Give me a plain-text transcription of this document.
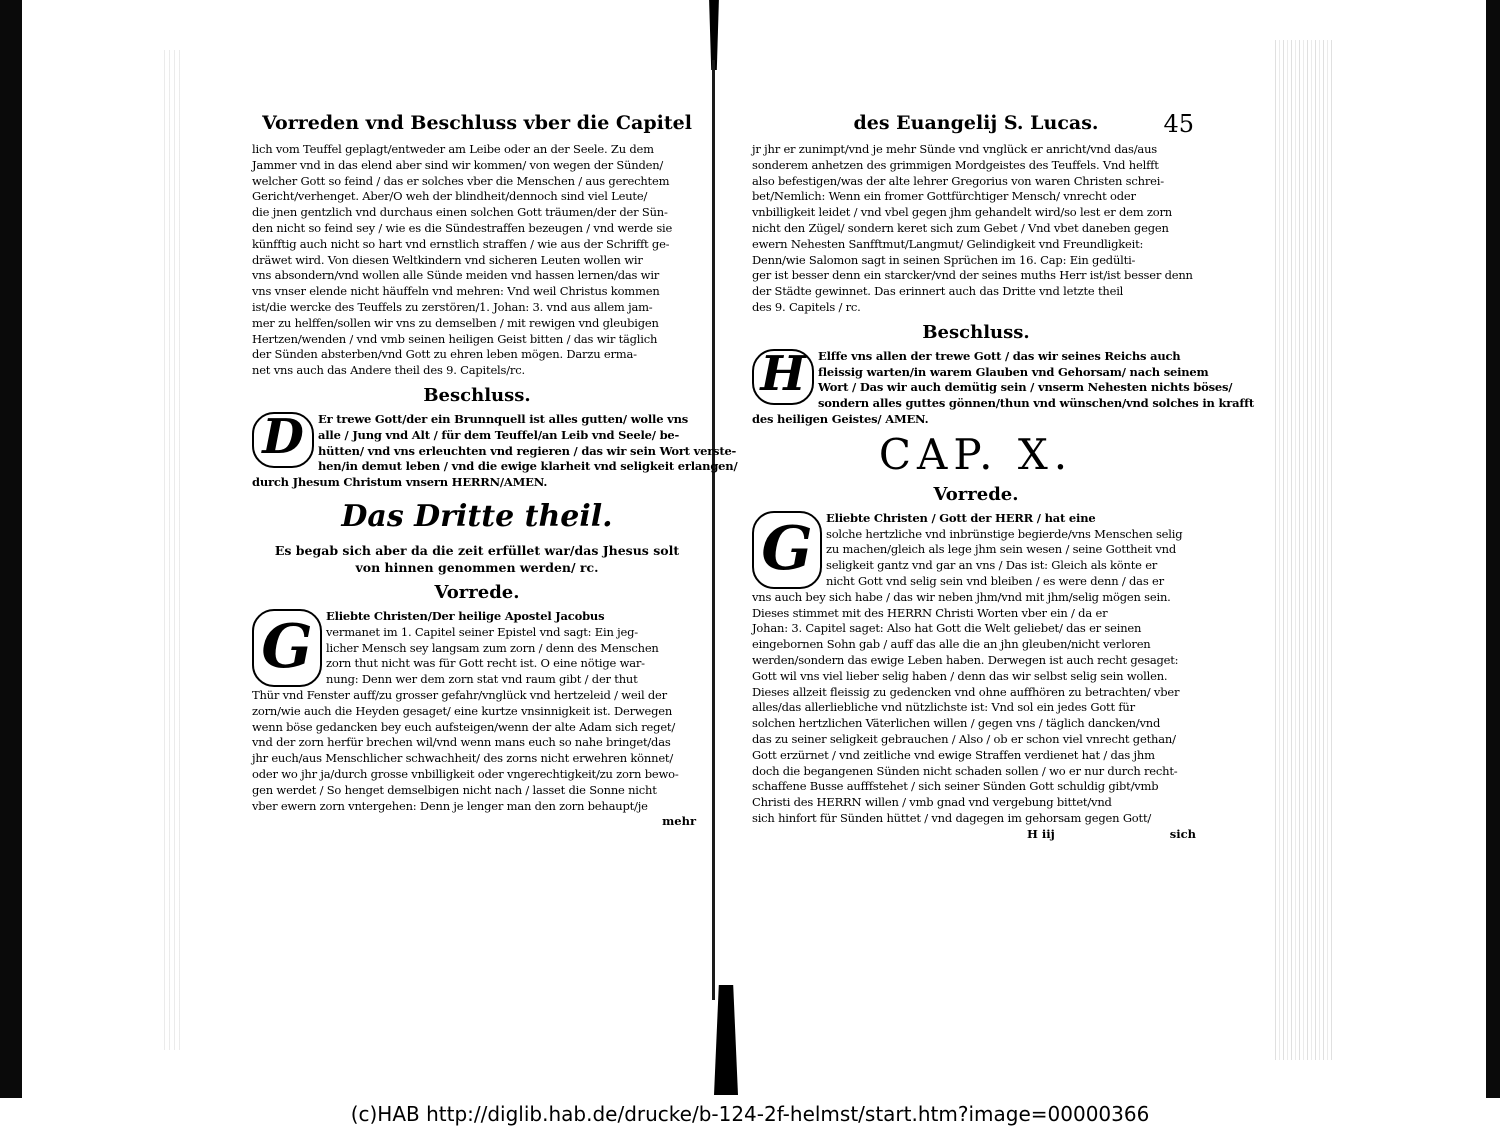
Vorreden vnd Beschluss vber die Capitel
lich vom Teuffel geplagt/entweder am Leibe oder an der Seele. Zu dem
Jammer vnd in das elend aber sind wir kommen/ von wegen der Sünden/
welcher Gott so feind / das er solches vber die Menschen / aus gerechtem
Gericht/verhenget. Aber/O weh der blindheit/dennoch sind viel Leute/
die jnen gentzlich vnd durchaus einen solchen Gott träumen/der der Sün-
den nicht so feind sey / wie es die Sündestraffen bezeugen / vnd werde sie
künfftig auch nicht so hart vnd ernstlich straffen / wie aus der Schrifft ge-
dräwet wird. Von diesen Weltkindern vnd sicheren Leuten wollen wir
vns absondern/vnd wollen alle Sünde meiden vnd hassen lernen/das wir
vns vnser elende nicht häuffeln vnd mehren: Vnd weil Christus kommen
ist/die wercke des Teuffels zu zerstören/1. Johan: 3. vnd aus allem jam-
mer zu helffen/sollen wir vns zu demselben / mit rewigen vnd gleubigen
Hertzen/wenden / vnd vmb seinen heiligen Geist bitten / das wir täglich
der Sünden absterben/vnd Gott zu ehren leben mögen. Darzu erma-
net vns auch das Andere theil des 9. Capitels/rc.
Beschluss.
D	Er trewe Gott/der ein Brunnquell ist alles gutten/ wolle vns
alle / Jung vnd Alt / für dem Teuffel/an Leib vnd Seele/ be-
hütten/ vnd vns erleuchten vnd regieren / das wir sein Wort verste-
hen/in demut leben / vnd die ewige klarheit vnd seligkeit erlangen/
durch Jhesum Christum vnsern HERRN/AMEN.
Das Dritte theil.
Es begab sich aber da die zeit erfüllet war/das Jhesus solt
von hinnen genommen werden/ rc.
Vorrede.
G	Eliebte Christen/Der heilige Apostel Jacobus
vermanet im 1. Capitel seiner Epistel vnd sagt: Ein jeg-
licher Mensch sey langsam zum zorn / denn des Menschen
zorn thut nicht was für Gott recht ist. O eine nötige war-
nung: Denn wer dem zorn stat vnd raum gibt / der thut
Thür vnd Fenster auff/zu grosser gefahr/vnglück vnd hertzeleid / weil der
zorn/wie auch die Heyden gesaget/ eine kurtze vnsinnigkeit ist. Derwegen
wenn böse gedancken bey euch aufsteigen/wenn der alte Adam sich reget/
vnd der zorn herfür brechen wil/vnd wenn mans euch so nahe bringet/das
jhr euch/aus Menschlicher schwachheit/ des zorns nicht erwehren könnet/
oder wo jhr ja/durch grosse vnbilligkeit oder vngerechtigkeit/zu zorn bewo-
gen werdet / So henget demselbigen nicht nach / lasset die Sonne nicht
vber ewern zorn vntergehen: Denn je lenger man den zorn behaupt/je
mehr
des Euangelij S. Lucas.	45
jr jhr er zunimpt/vnd je mehr Sünde vnd vnglück er anricht/vnd das/aus
sonderem anhetzen des grimmigen Mordgeistes des Teuffels. Vnd helfft
also befestigen/was der alte lehrer Gregorius von waren Christen schrei-
bet/Nemlich: Wenn ein fromer Gottfürchtiger Mensch/ vnrecht oder
vnbilligkeit leidet / vnd vbel gegen jhm gehandelt wird/so lest er dem zorn
nicht den Zügel/ sondern keret sich zum Gebet / Vnd vbet daneben gegen
ewern Nehesten Sanfftmut/Langmut/ Gelindigkeit vnd Freundligkeit:
Denn/wie Salomon sagt in seinen Sprüchen im 16. Cap: Ein gedülti-
ger ist besser denn ein starcker/vnd der seines muths Herr ist/ist besser denn
der Städte gewinnet. Das erinnert auch das Dritte vnd letzte theil
des 9. Capitels / rc.
Beschluss.
H	Elffe vns allen der trewe Gott / das wir seines Reichs auch
fleissig warten/in warem Glauben vnd Gehorsam/ nach seinem
Wort / Das wir auch demütig sein / vnserm Nehesten nichts böses/
sondern alles guttes gönnen/thun vnd wünschen/vnd solches in krafft
des heiligen Geistes/ AMEN.
CAP. X.
Vorrede.
G	Eliebte Christen / Gott der HERR / hat eine
solche hertzliche vnd inbrünstige begierde/vns Menschen selig
zu machen/gleich als lege jhm sein wesen / seine Gottheit vnd
seligkeit gantz vnd gar an vns / Das ist: Gleich als könte er
nicht Gott vnd selig sein vnd bleiben / es were denn / das er
vns auch bey sich habe / das wir neben jhm/vnd mit jhm/selig mögen sein.
Dieses stimmet mit des HERRN Christi Worten vber ein / da er
Johan: 3. Capitel saget: Also hat Gott die Welt geliebet/ das er seinen
eingebornen Sohn gab / auff das alle die an jhn gleuben/nicht verloren
werden/sondern das ewige Leben haben. Derwegen ist auch recht gesaget:
Gott wil vns viel lieber selig haben / denn das wir selbst selig sein wollen.
Dieses allzeit fleissig zu gedencken vnd ohne auffhören zu betrachten/ vber
alles/das allerliebliche vnd nützlichste ist: Vnd sol ein jedes Gott für
solchen hertzlichen Väterlichen willen / gegen vns / täglich dancken/vnd
das zu seiner seligkeit gebrauchen / Also / ob er schon viel vnrecht gethan/
Gott erzürnet / vnd zeitliche vnd ewige Straffen verdienet hat / das jhm
doch die begangenen Sünden nicht schaden sollen / wo er nur durch recht-
schaffene Busse aufffstehet / sich seiner Sünden Gott schuldig gibt/vmb
Christi des HERRN willen / vmb gnad vnd vergebung bittet/vnd
sich hinfort für Sünden hüttet / vnd dagegen im gehorsam gegen Gott/
H iij	sich
(c)HAB http://diglib.hab.de/drucke/b-124-2f-helmst/start.htm?image=00000366
